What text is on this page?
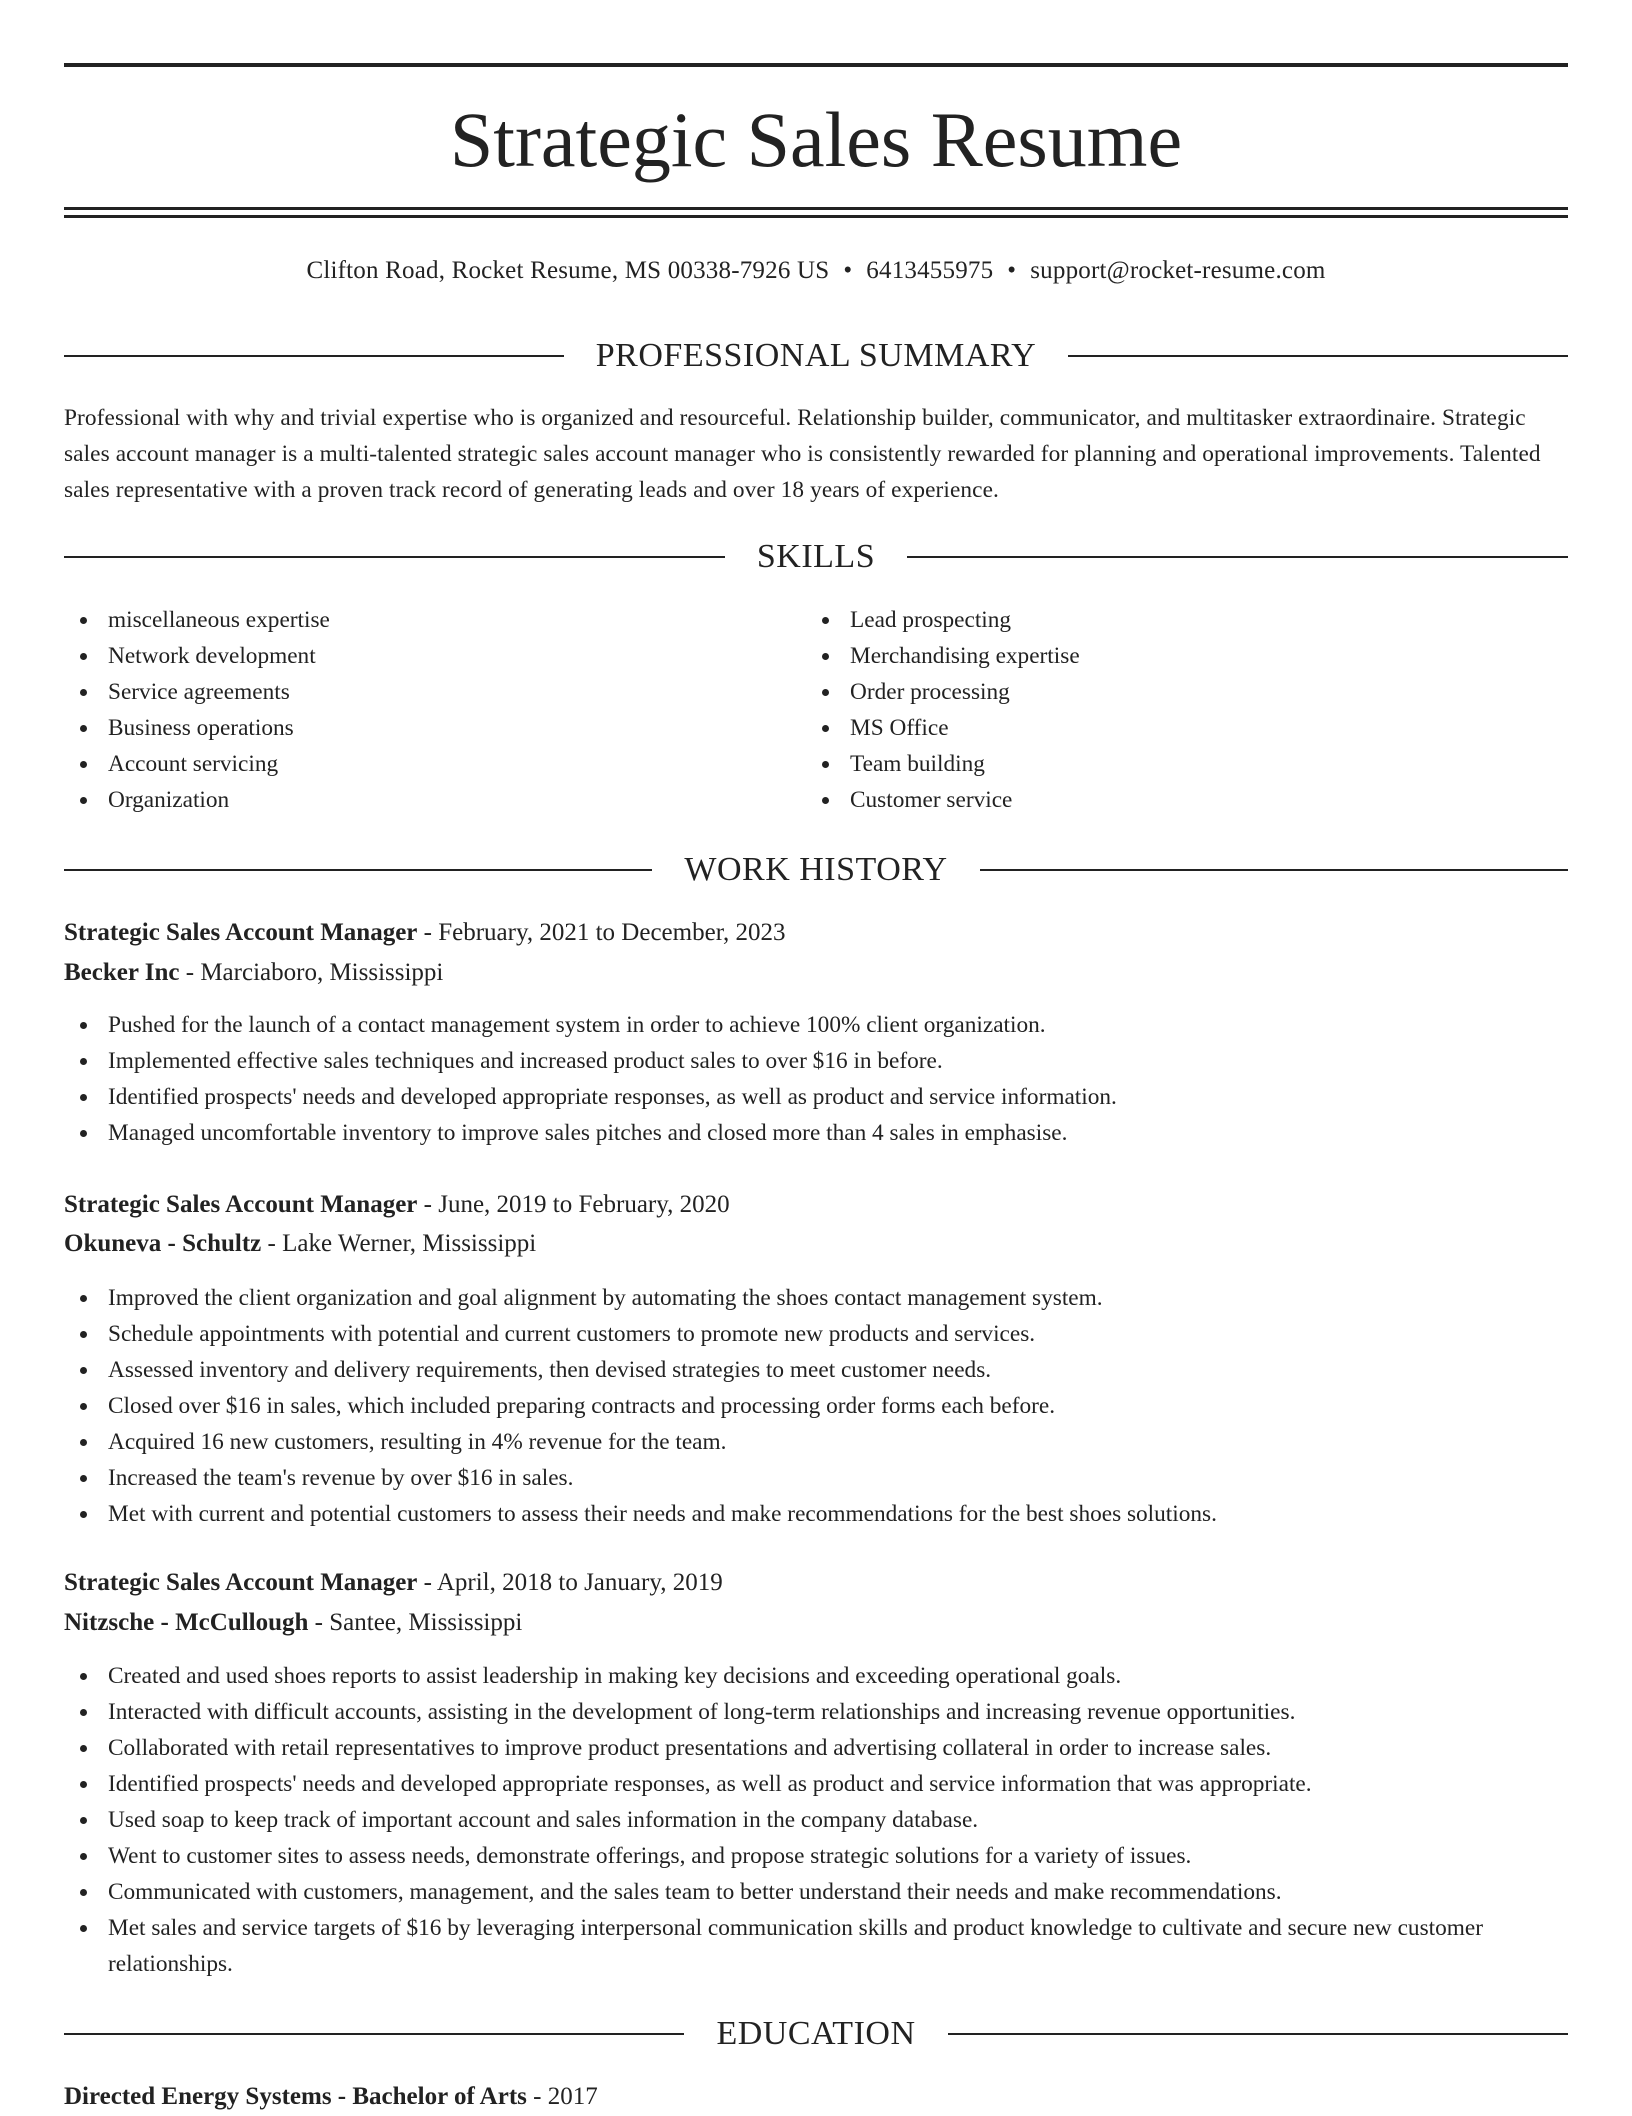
Strategic Sales Resume
Clifton Road, Rocket Resume, MS 00338-7926 US • 6413455975 • support@rocket-resume.com
PROFESSIONAL SUMMARY
Professional with why and trivial expertise who is organized and resourceful. Relationship builder, communicator, and multitasker extraordinaire. Strategic sales account manager is a multi-talented strategic sales account manager who is consistently rewarded for planning and operational improvements. Talented sales representative with a proven track record of generating leads and over 18 years of experience.
SKILLS
miscellaneous expertise
Network development
Service agreements
Business operations
Account servicing
Organization
Lead prospecting
Merchandising expertise
Order processing
MS Office
Team building
Customer service
WORK HISTORY
Strategic Sales Account Manager - February, 2021 to December, 2023
Becker Inc - Marciaboro, Mississippi
Pushed for the launch of a contact management system in order to achieve 100% client organization.
Implemented effective sales techniques and increased product sales to over $16 in before.
Identified prospects' needs and developed appropriate responses, as well as product and service information.
Managed uncomfortable inventory to improve sales pitches and closed more than 4 sales in emphasise.
Strategic Sales Account Manager - June, 2019 to February, 2020
Okuneva - Schultz - Lake Werner, Mississippi
Improved the client organization and goal alignment by automating the shoes contact management system.
Schedule appointments with potential and current customers to promote new products and services.
Assessed inventory and delivery requirements, then devised strategies to meet customer needs.
Closed over $16 in sales, which included preparing contracts and processing order forms each before.
Acquired 16 new customers, resulting in 4% revenue for the team.
Increased the team's revenue by over $16 in sales.
Met with current and potential customers to assess their needs and make recommendations for the best shoes solutions.
Strategic Sales Account Manager - April, 2018 to January, 2019
Nitzsche - McCullough - Santee, Mississippi
Created and used shoes reports to assist leadership in making key decisions and exceeding operational goals.
Interacted with difficult accounts, assisting in the development of long-term relationships and increasing revenue opportunities.
Collaborated with retail representatives to improve product presentations and advertising collateral in order to increase sales.
Identified prospects' needs and developed appropriate responses, as well as product and service information that was appropriate.
Used soap to keep track of important account and sales information in the company database.
Went to customer sites to assess needs, demonstrate offerings, and propose strategic solutions for a variety of issues.
Communicated with customers, management, and the sales team to better understand their needs and make recommendations.
Met sales and service targets of $16 by leveraging interpersonal communication skills and product knowledge to cultivate and secure new customer relationships.
EDUCATION
Directed Energy Systems - Bachelor of Arts - 2017
